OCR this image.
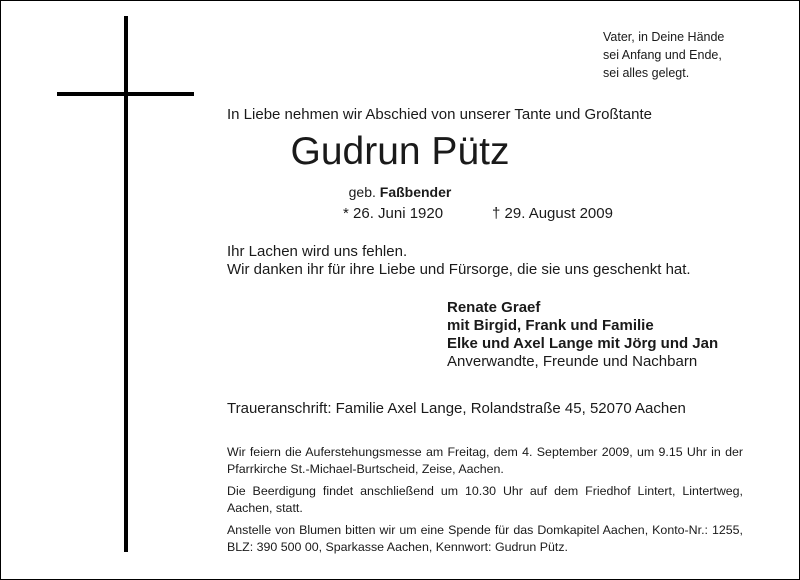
Vater, in Deine Hände
sei Anfang und Ende,
sei alles gelegt.
In Liebe nehmen wir Abschied von unserer Tante und Großtante
Gudrun Pütz
geb. Faßbender
* 26. Juni 1920	† 29. August 2009
Ihr Lachen wird uns fehlen.
Wir danken ihr für ihre Liebe und Fürsorge, die sie uns geschenkt hat.
Renate Graef
mit Birgid, Frank und Familie
Elke und Axel Lange mit Jörg und Jan
Anverwandte, Freunde und Nachbarn
Traueranschrift: Familie Axel Lange, Rolandstraße 45, 52070 Aachen

Wir feiern die Auferstehungsmesse am Freitag, dem 4. September 2009, um 9.15 Uhr in der Pfarrkirche St.-Michael-Burtscheid, Zeise, Aachen.

Die Beerdigung findet anschließend um 10.30 Uhr auf dem Friedhof Lintert, Lintertweg, Aachen, statt.

Anstelle von Blumen bitten wir um eine Spende für das Domkapitel Aachen, Konto-Nr.: 1255, BLZ: 390 500 00, Sparkasse Aachen, Kennwort: Gudrun Pütz.
